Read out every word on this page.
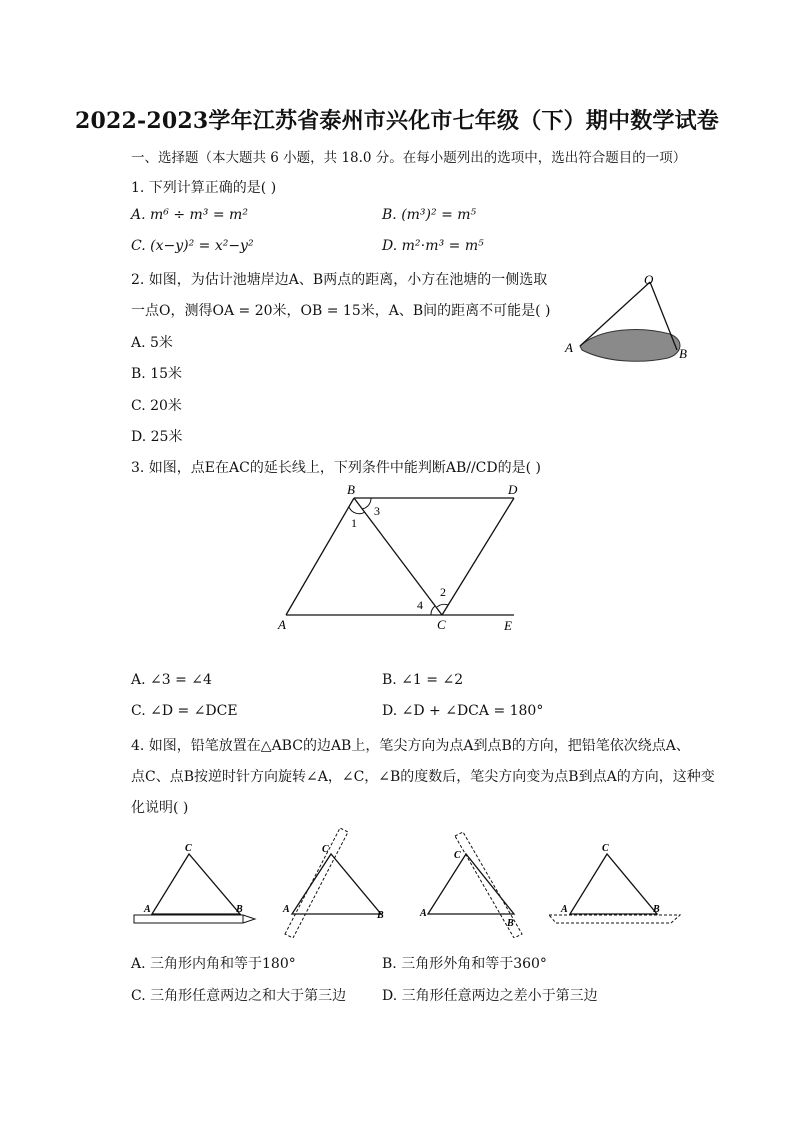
2022-2023学年江苏省泰州市兴化市七年级（下）期中数学试卷
一、选择题（本大题共 6 小题，共 18.0 分。在每小题列出的选项中，选出符合题目的一项）
1. 下列计算正确的是( )
A. m⁶ ÷ m³ = m²	B. (m³)² = m⁵
C. (x−y)² = x²−y²	D. m²⋅m³ = m⁵
2. 如图，为估计池塘岸边A、B两点的距离，小方在池塘的一侧选取
一点O，测得OA = 20米，OB = 15米，A、B间的距离不可能是( )
A. 5米
B. 15米
C. 20米
D. 25米
O
A	B
3. 如图，点E在AC的延长线上，下列条件中能判断AB//CD的是( )
B	D
A	C	E
1
3
4
2
A. ∠3 = ∠4	B. ∠1 = ∠2
C. ∠D = ∠DCE	D. ∠D + ∠DCA = 180°
4. 如图，铅笔放置在△ABC的边AB上，笔尖方向为点A到点B的方向，把铅笔依次绕点A、
点C、点B按逆时针方向旋转∠A，∠C，∠B的度数后，笔尖方向变为点B到点A的方向，这种变
化说明( )
C
A	B
C
A
B
C
A
B
C
A	B
A. 三角形内角和等于180°	B. 三角形外角和等于360°
C. 三角形任意两边之和大于第三边	D. 三角形任意两边之差小于第三边
